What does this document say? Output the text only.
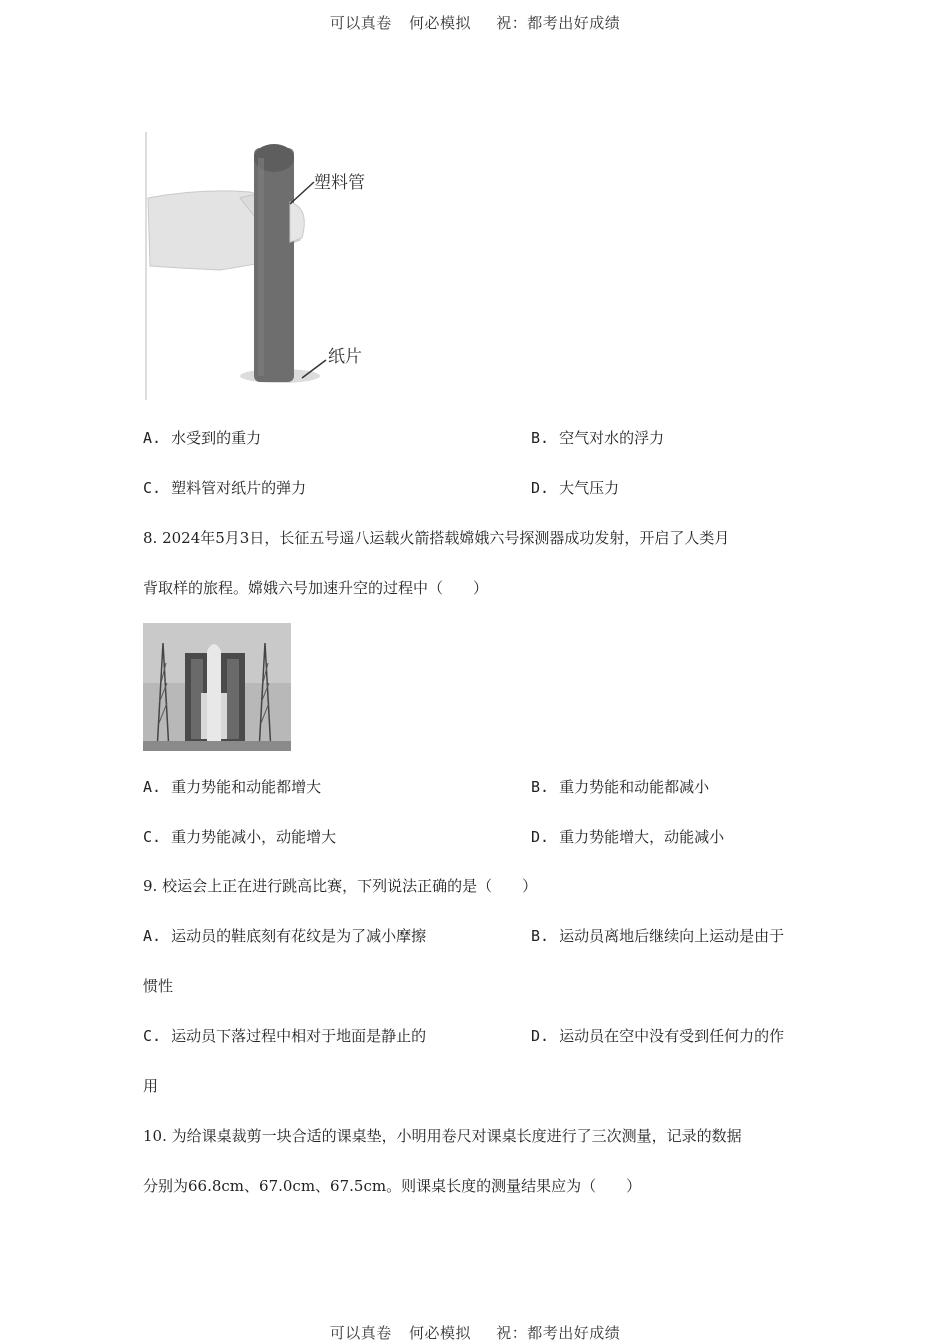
可以真卷 何必模拟 祝：都考出好成绩
塑料管
纸片
A. 水受到的重力	B. 空气对水的浮力
C. 塑料管对纸片的弹力	D. 大气压力
8. 2024年5月3日，长征五号遥八运载火箭搭载嫦娥六号探测器成功发射，开启了人类月
背取样的旅程。嫦娥六号加速升空的过程中（　　）
A. 重力势能和动能都增大	B. 重力势能和动能都减小
C. 重力势能减小，动能增大	D. 重力势能增大，动能减小
9. 校运会上正在进行跳高比赛，下列说法正确的是（　　）
A. 运动员的鞋底刻有花纹是为了减小摩擦	B. 运动员离地后继续向上运动是由于
惯性
C. 运动员下落过程中相对于地面是静止的	D. 运动员在空中没有受到任何力的作
用
10. 为给课桌裁剪一块合适的课桌垫，小明用卷尺对课桌长度进行了三次测量，记录的数据
分别为66.8cm、67.0cm、67.5cm。则课桌长度的测量结果应为（　　）
可以真卷 何必模拟 祝：都考出好成绩
